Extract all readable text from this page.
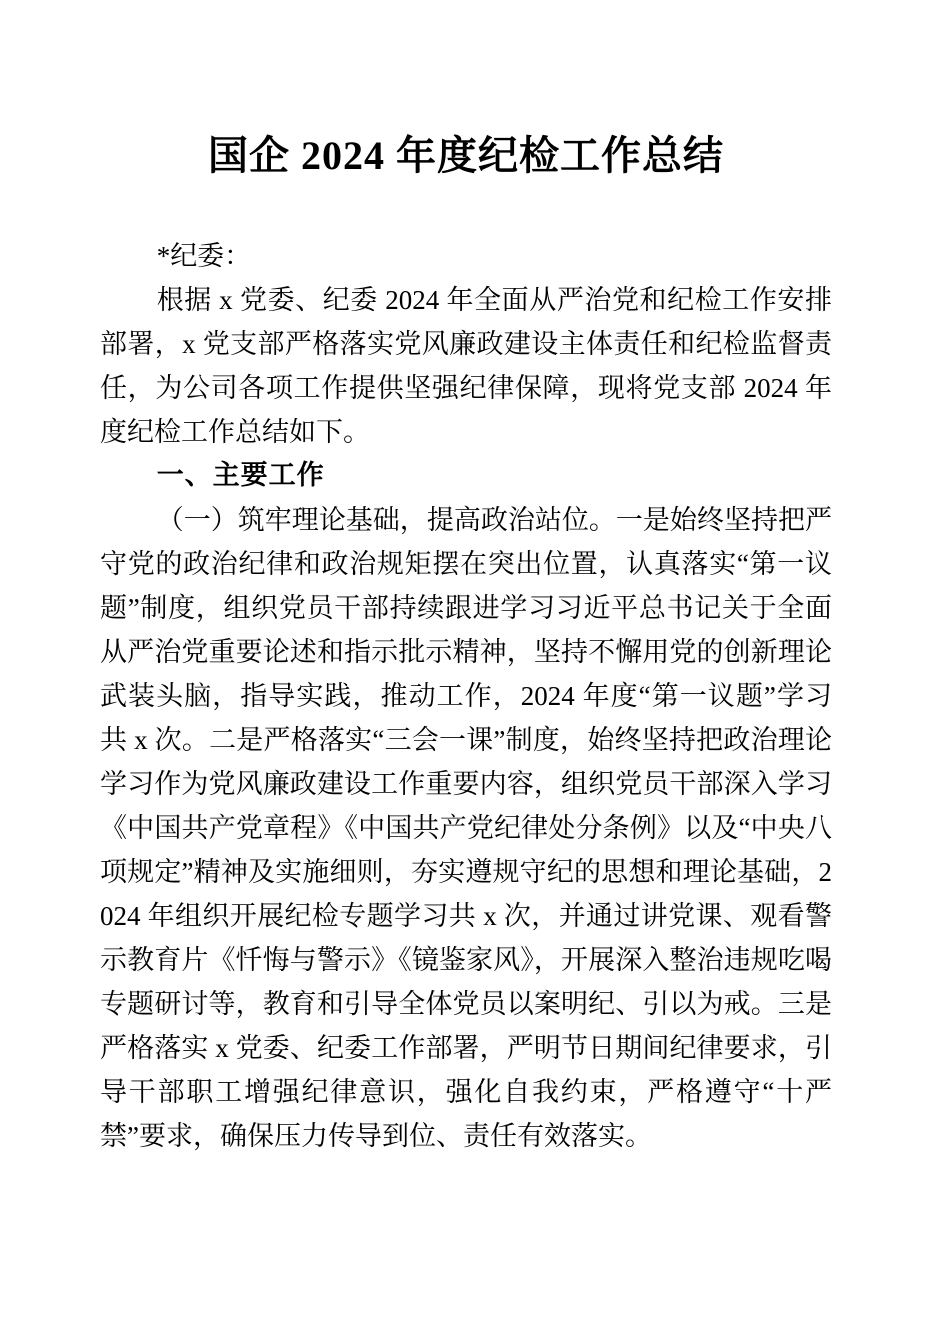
国企 2024 年度纪检工作总结

*纪委：

根据 x 党委、纪委 2024 年全面从严治党和纪检工作安排部署，x 党支部严格落实党风廉政建设主体责任和纪检监督责任，为公司各项工作提供坚强纪律保障，现将党支部 2024 年度纪检工作总结如下。

一、主要工作

（一）筑牢理论基础，提高政治站位。一是始终坚持把严守党的政治纪律和政治规矩摆在突出位置，认真落实“第一议题”制度，组织党员干部持续跟进学习习近平总书记关于全面从严治党重要论述和指示批示精神，坚持不懈用党的创新理论武装头脑，指导实践，推动工作，2024 年度“第一议题”学习共 x 次。二是严格落实“三会一课”制度，始终坚持把政治理论学习作为党风廉政建设工作重要内容，组织党员干部深入学习《中国共产党章程》《中国共产党纪律处分条例》以及“中央八项规定”精神及实施细则，夯实遵规守纪的思想和理论基础，2024 年组织开展纪检专题学习共 x 次，并通过讲党课、观看警示教育片《忏悔与警示》《镜鉴家风》，开展深入整治违规吃喝专题研讨等，教育和引导全体党员以案明纪、引以为戒。三是严格落实 x 党委、纪委工作部署，严明节日期间纪律要求，引导干部职工增强纪律意识，强化自我约束，严格遵守“十严禁”要求，确保压力传导到位、责任有效落实。
